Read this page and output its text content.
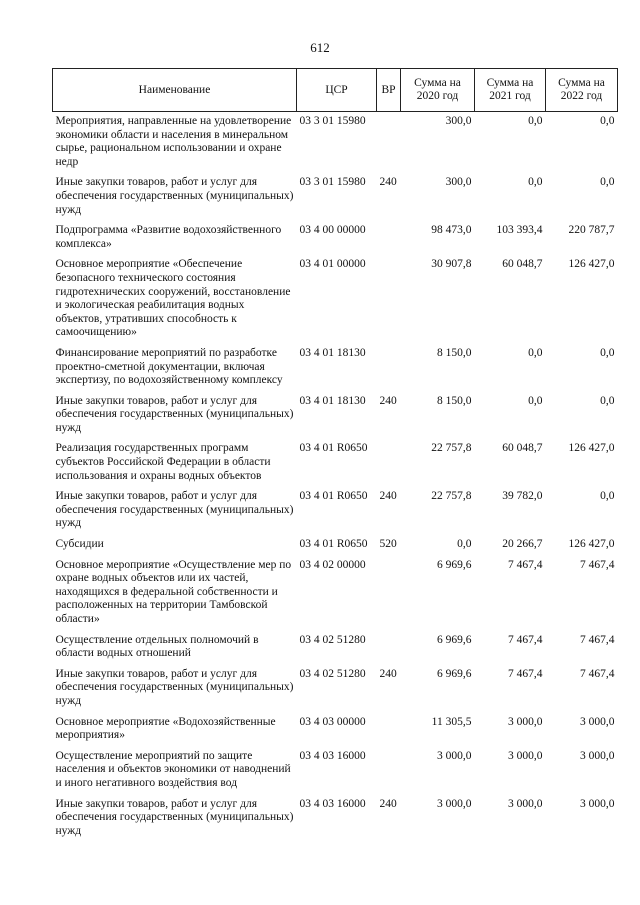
612
Наименование	ЦСР	ВР	Сумма на 2020 год	Сумма на 2021 год	Сумма на 2022 год
Мероприятия, направленные на удовлетворение экономики области и населения в минеральном сырье, рациональном использовании и охране недр	03 3 01 15980		300,0	0,0	0,0
Иные закупки товаров, работ и услуг для обеспечения государственных (муниципальных) нужд	03 3 01 15980	240	300,0	0,0	0,0
Подпрограмма «Развитие водохозяйственного комплекса»	03 4 00 00000		98 473,0	103 393,4	220 787,7
Основное мероприятие «Обеспечение безопасного технического состояния гидротехнических сооружений, восстановление и экологическая реабилитация водных объектов, утративших способность к самоочищению»	03 4 01 00000		30 907,8	60 048,7	126 427,0
Финансирование мероприятий по разработке проектно-сметной документации, включая экспертизу, по водохозяйственному комплексу	03 4 01 18130		8 150,0	0,0	0,0
Иные закупки товаров, работ и услуг для обеспечения государственных (муниципальных) нужд	03 4 01 18130	240	8 150,0	0,0	0,0
Реализация государственных программ субъектов Российской Федерации в области использования и охраны водных объектов	03 4 01 R0650		22 757,8	60 048,7	126 427,0
Иные закупки товаров, работ и услуг для обеспечения государственных (муниципальных) нужд	03 4 01 R0650	240	22 757,8	39 782,0	0,0
Субсидии	03 4 01 R0650	520	0,0	20 266,7	126 427,0
Основное мероприятие «Осуществление мер по охране водных объектов или их частей, находящихся в федеральной собственности и расположенных на территории Тамбовской области»	03 4 02 00000		6 969,6	7 467,4	7 467,4
Осуществление отдельных полномочий в области водных отношений	03 4 02 51280		6 969,6	7 467,4	7 467,4
Иные закупки товаров, работ и услуг для обеспечения государственных (муниципальных) нужд	03 4 02 51280	240	6 969,6	7 467,4	7 467,4
Основное мероприятие «Водохозяйственные мероприятия»	03 4 03 00000		11 305,5	3 000,0	3 000,0
Осуществление мероприятий по защите населения и объектов экономики от наводнений и иного негативного воздействия вод	03 4 03 16000		3 000,0	3 000,0	3 000,0
Иные закупки товаров, работ и услуг для обеспечения государственных (муниципальных) нужд	03 4 03 16000	240	3 000,0	3 000,0	3 000,0
